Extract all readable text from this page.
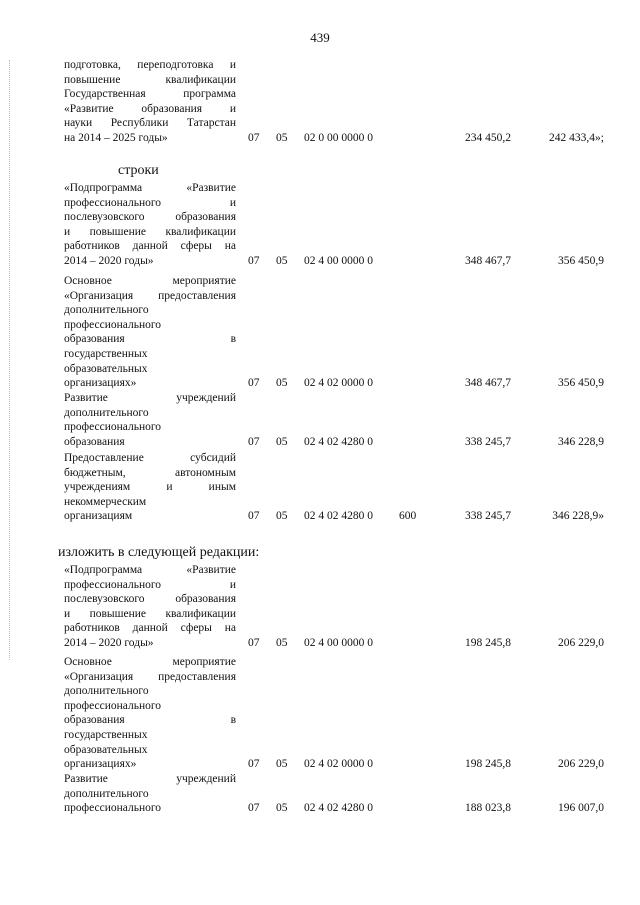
439
строки
изложить в следующей редакции:
подготовка, переподготовка и
повышение квалификации
Государственная программа
«Развитие образования и
науки Республики Татарстан
на 2014 – 2025 годы»	07 05 02 0 00 0000 0	234 450,2	242 433,4»;
«Подпрограмма «Развитие
профессионального и
послевузовского образования
и повышение квалификации
работников данной сферы на
2014 – 2020 годы»	07 05 02 4 00 0000 0	348 467,7	356 450,9
Основное мероприятие
«Организация предоставления
дополнительного
профессионального
образования в
государственных
образовательных
организациях»	07 05 02 4 02 0000 0	348 467,7	356 450,9
Развитие учреждений
дополнительного
профессионального
образования	07 05 02 4 02 4280 0	338 245,7	346 228,9
Предоставление субсидий
бюджетным, автономным
учреждениям и иным
некоммерческим
организациям	07 05 02 4 02 4280 0 600	338 245,7	346 228,9»
«Подпрограмма «Развитие
профессионального и
послевузовского образования
и повышение квалификации
работников данной сферы на
2014 – 2020 годы»	07 05 02 4 00 0000 0	198 245,8	206 229,0
Основное мероприятие
«Организация предоставления
дополнительного
профессионального
образования в
государственных
образовательных
организациях»	07 05 02 4 02 0000 0	198 245,8	206 229,0
Развитие учреждений
дополнительного
профессионального	07 05 02 4 02 4280 0	188 023,8	196 007,0
